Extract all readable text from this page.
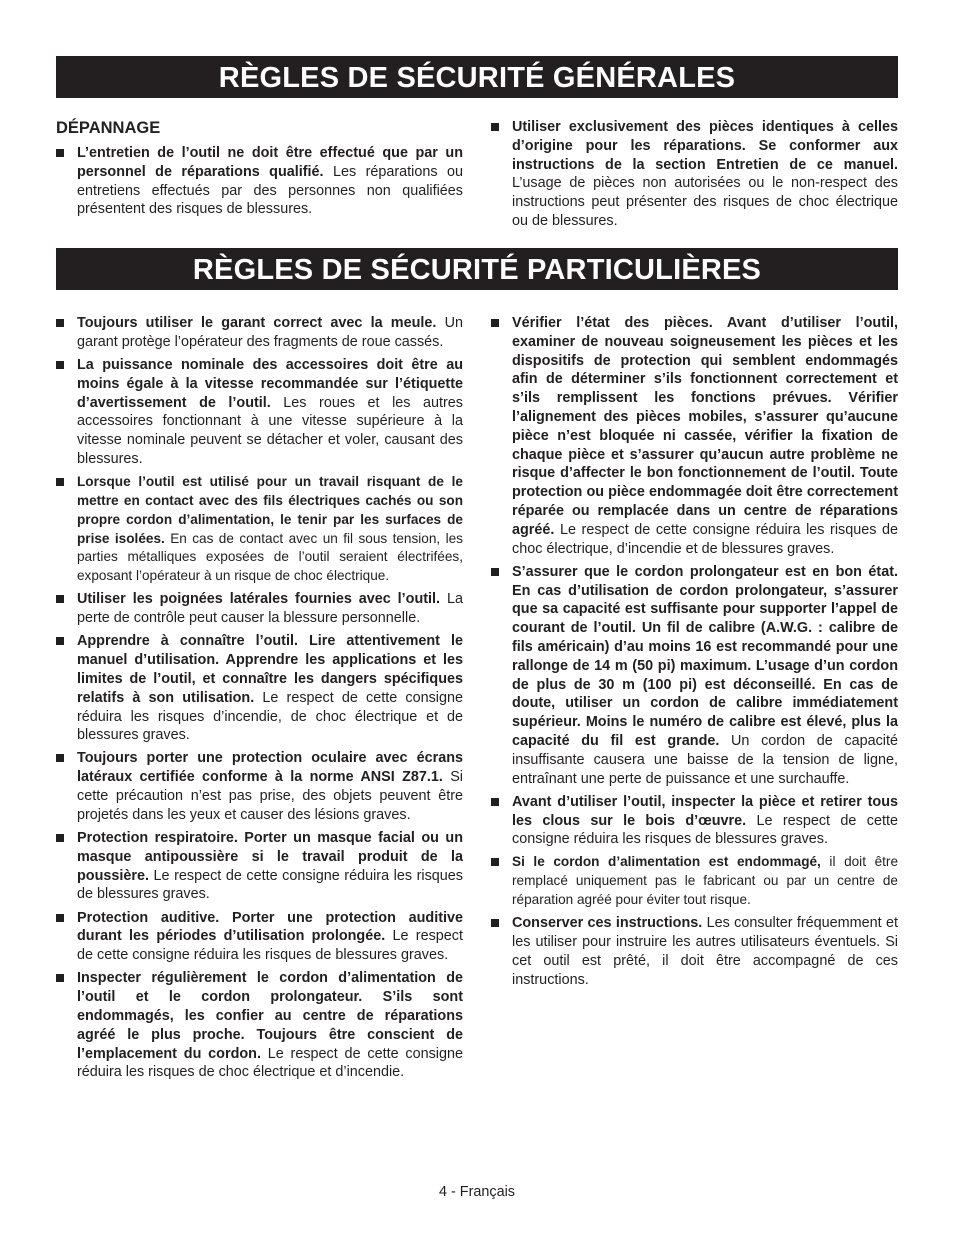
RÈGLES DE SÉCURITÉ GÉNÉRALES
DÉPANNAGE
L’entretien de l’outil ne doit être effectué que par un personnel de réparations qualifié. Les réparations ou entretiens effectués par des personnes non qualifiées présentent des risques de blessures.
Utiliser exclusivement des pièces identiques à celles d’origine pour les réparations. Se conformer aux instructions de la section Entretien de ce manuel. L’usage de pièces non autorisées ou le non-respect des instructions peut présenter des risques de choc électrique ou de blessures.
RÈGLES DE SÉCURITÉ PARTICULIÈRES
Toujours utiliser le garant correct avec la meule. Un garant protège l’opérateur des fragments de roue cassés.
La puissance nominale des accessoires doit être au moins égale à la vitesse recommandée sur l’étiquette d’avertissement de l’outil. Les roues et les autres accessoires fonctionnant à une vitesse supérieure à la vitesse nominale peuvent se détacher et voler, causant des blessures.
Lorsque l’outil est utilisé pour un travail risquant de le mettre en contact avec des fils électriques cachés ou son propre cordon d’alimentation, le tenir par les surfaces de prise isolées. En cas de contact avec un fil sous tension, les parties métalliques exposées de l’outil seraient électrifées, exposant l’opérateur à un risque de choc électrique.
Utiliser les poignées latérales fournies avec l’outil. La perte de contrôle peut causer la blessure personnelle.
Apprendre à connaître l’outil. Lire attentivement le manuel d’utilisation. Apprendre les applications et les limites de l’outil, et connaître les dangers spécifiques relatifs à son utilisation. Le respect de cette consigne réduira les risques d’incendie, de choc électrique et de blessures graves.
Toujours porter une protection oculaire avec écrans latéraux certifiée conforme à la norme ANSI Z87.1. Si cette précaution n’est pas prise, des objets peuvent être projetés dans les yeux et causer des lésions graves.
Protection respiratoire. Porter un masque facial ou un masque antipoussière si le travail produit de la poussière. Le respect de cette consigne réduira les risques de blessures graves.
Protection auditive. Porter une protection auditive durant les périodes d’utilisation prolongée. Le respect de cette consigne réduira les risques de blessures graves.
Inspecter régulièrement le cordon d’alimentation de l’outil et le cordon prolongateur. S’ils sont endommagés, les confier au centre de réparations agréé le plus proche. Toujours être conscient de l’emplacement du cordon. Le respect de cette consigne réduira les risques de choc électrique et d’incendie.
Vérifier l’état des pièces. Avant d’utiliser l’outil, examiner de nouveau soigneusement les pièces et les dispositifs de protection qui semblent endommagés afin de déterminer s’ils fonctionnent correctement et s’ils remplissent les fonctions prévues. Vérifier l’alignement des pièces mobiles, s’assurer qu’aucune pièce n’est bloquée ni cassée, vérifier la fixation de chaque pièce et s’assurer qu’aucun autre problème ne risque d’affecter le bon fonctionnement de l’outil. Toute protection ou pièce endommagée doit être correctement réparée ou remplacée dans un centre de réparations agréé. Le respect de cette consigne réduira les risques de choc électrique, d’incendie et de blessures graves.
S’assurer que le cordon prolongateur est en bon état. En cas d’utilisation de cordon prolongateur, s’assurer que sa capacité est suffisante pour supporter l’appel de courant de l’outil. Un fil de calibre (A.W.G. : calibre de fils américain) d’au moins 16 est recommandé pour une rallonge de 14 m (50 pi) maximum. L’usage d’un cordon de plus de 30 m (100 pi) est déconseillé. En cas de doute, utiliser un cordon de calibre immédiatement supérieur. Moins le numéro de calibre est élevé, plus la capacité du fil est grande. Un cordon de capacité insuffisante causera une baisse de la tension de ligne, entraînant une perte de puissance et une surchauffe.
Avant d’utiliser l’outil, inspecter la pièce et retirer tous les clous sur le bois d’œuvre. Le respect de cette consigne réduira les risques de blessures graves.
Si le cordon d’alimentation est endommagé, il doit être remplacé uniquement pas le fabricant ou par un centre de réparation agréé pour éviter tout risque.
Conserver ces instructions. Les consulter fréquemment et les utiliser pour instruire les autres utilisateurs éventuels. Si cet outil est prêté, il doit être accompagné de ces instructions.
4 - Français
